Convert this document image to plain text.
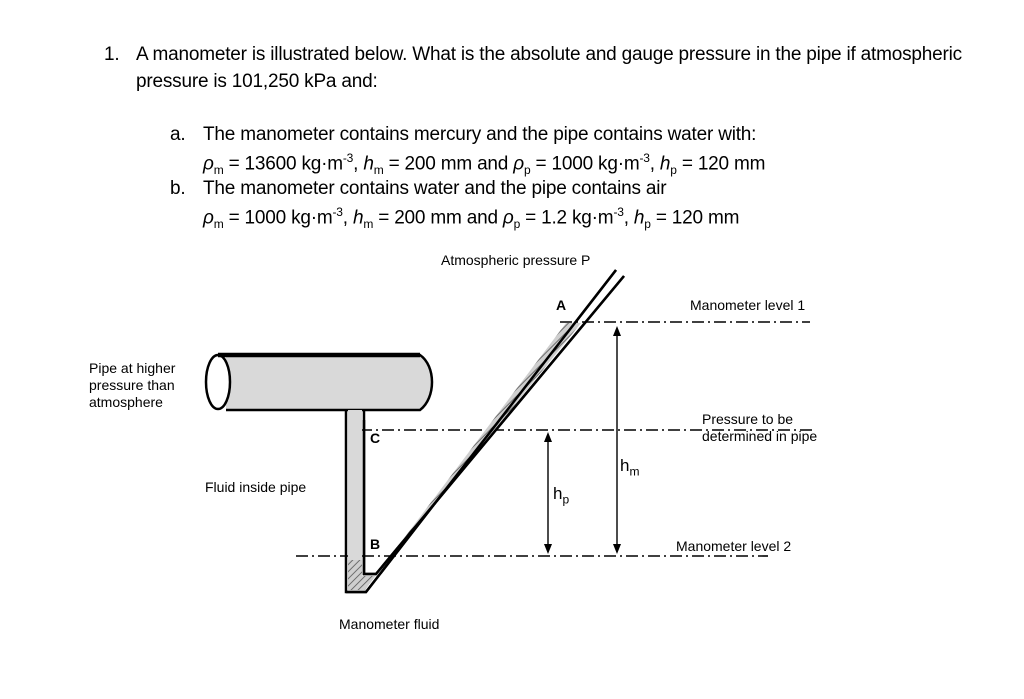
1. A manometer is illustrated below. What is the absolute and gauge pressure in the pipe if atmospheric pressure is 101,250 kPa and:
a. The manometer contains mercury and the pipe contains water with:
$\rho_m = 13600$ $kg\cdot m^{-3}$, $h_m = 200$ mm and $\rho_p = 1000$ $kg\cdot m^{-3}$, $h_p = 120$ mm
b. The manometer contains water and the pipe contains air
$\rho_m = 1000$ $kg\cdot m^{-3}$, $h_m = 200$ mm and $\rho_p = 1.2$ $kg\cdot m^{-3}$, $h_p = 120$ mm
Atmospheric pressure P
A	Manometer level 1
Pipe at higher
pressure than
atmosphere
Pressure to be
determined in pipe
C
B
$h_m$
$h_p$
Fluid inside pipe
Manometer level 2
Manometer fluid
